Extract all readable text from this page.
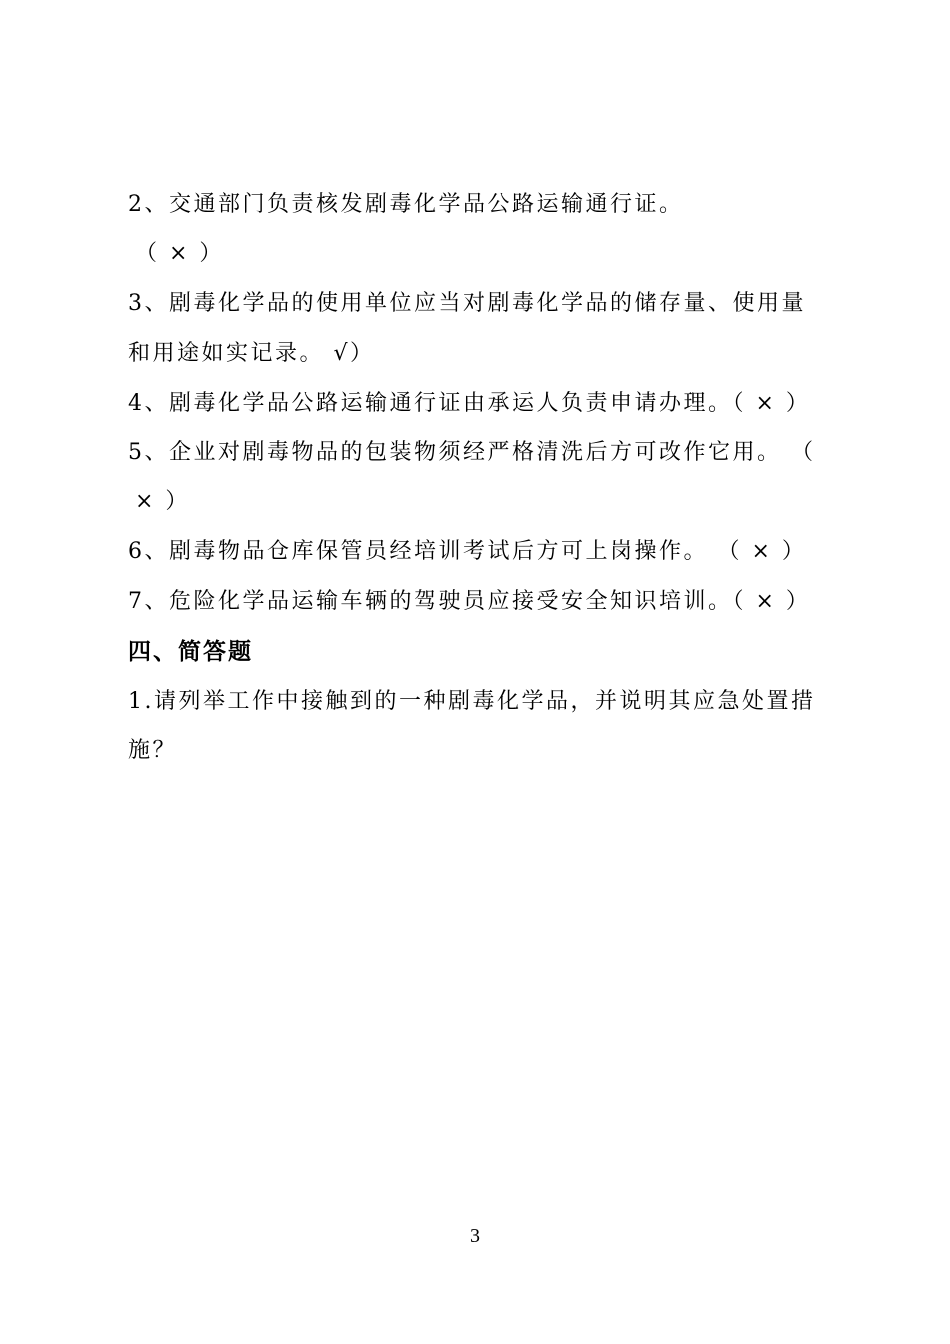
2、交通部门负责核发剧毒化学品公路运输通行证。
（ × ）
3、剧毒化学品的使用单位应当对剧毒化学品的储存量、使用量
和用途如实记录。 √）
4、剧毒化学品公路运输通行证由承运人负责申请办理。（ × ）
5、企业对剧毒物品的包装物须经严格清洗后方可改作它用。 （
× ）
6、剧毒物品仓库保管员经培训考试后方可上岗操作。 （ × ）
7、危险化学品运输车辆的驾驶员应接受安全知识培训。（ × ）
四、简答题
1.请列举工作中接触到的一种剧毒化学品，并说明其应急处置措
施？
3
